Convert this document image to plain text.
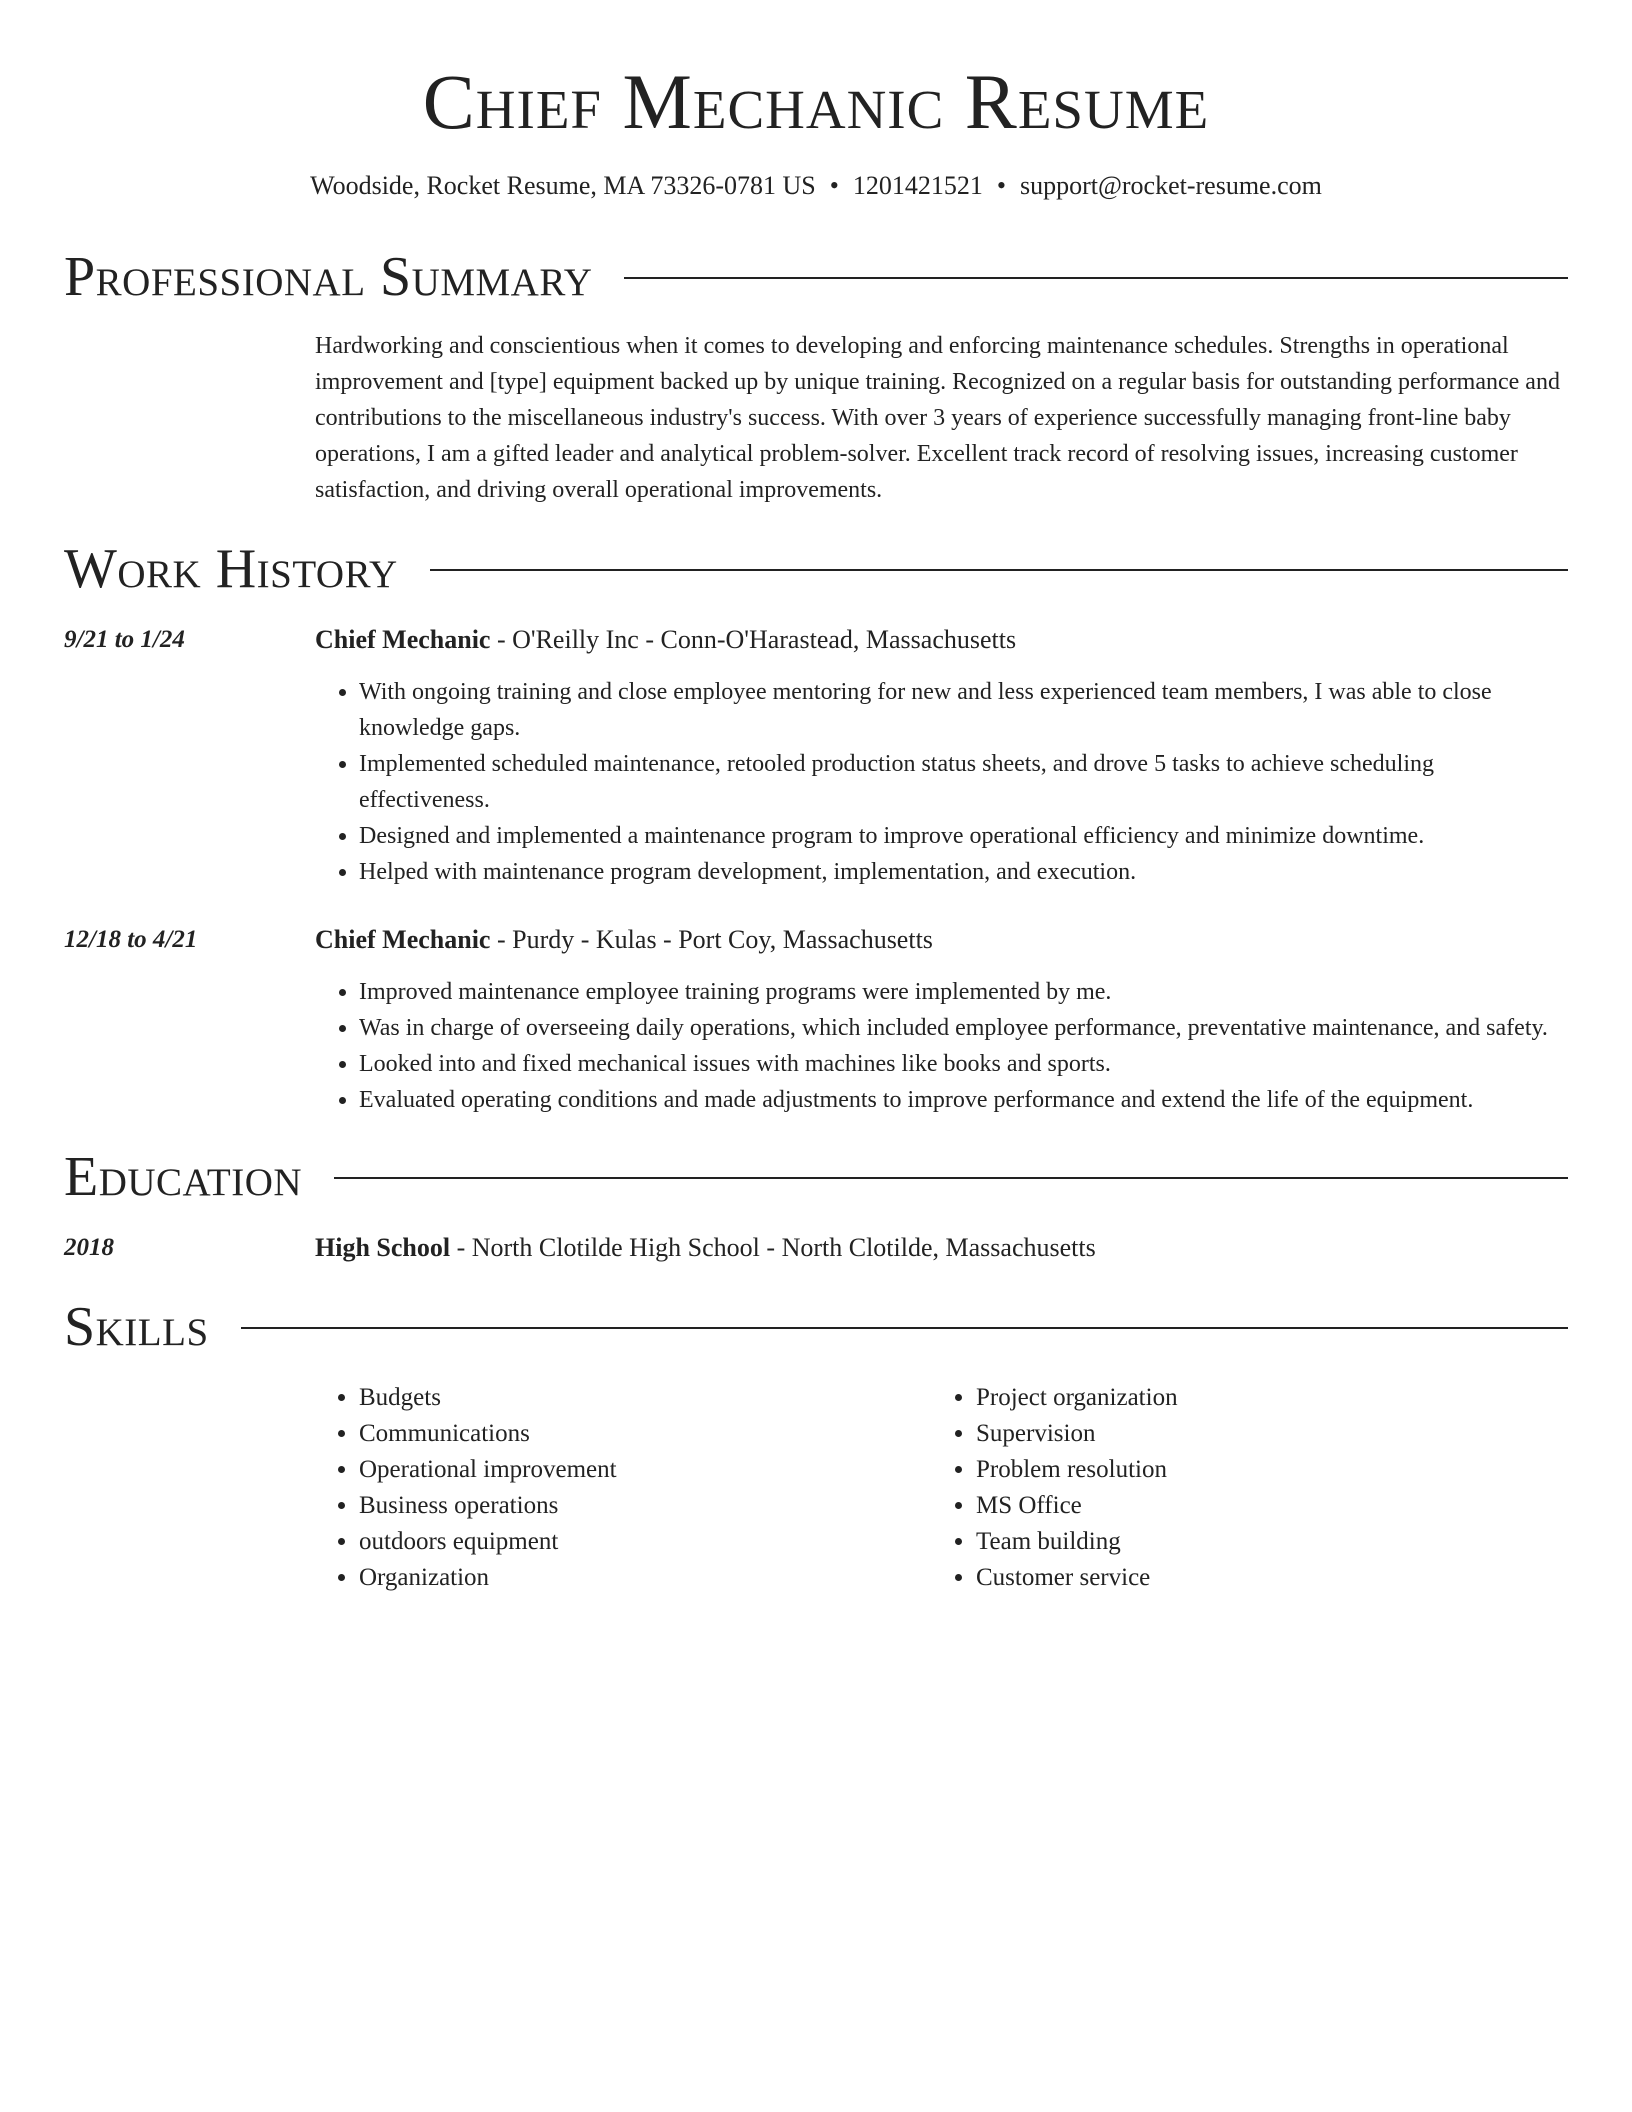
Chief Mechanic Resume
Woodside, Rocket Resume, MA 73326-0781 US • 1201421521 • support@rocket-resume.com
Professional Summary
Hardworking and conscientious when it comes to developing and enforcing maintenance schedules. Strengths in operational improvement and [type] equipment backed up by unique training. Recognized on a regular basis for outstanding performance and contributions to the miscellaneous industry's success. With over 3 years of experience successfully managing front-line baby operations, I am a gifted leader and analytical problem-solver. Excellent track record of resolving issues, increasing customer satisfaction, and driving overall operational improvements.
Work History
9/21 to 1/24	Chief Mechanic - O'Reilly Inc - Conn-O'Harastead, Massachusetts
• With ongoing training and close employee mentoring for new and less experienced team members, I was able to close knowledge gaps.
• Implemented scheduled maintenance, retooled production status sheets, and drove 5 tasks to achieve scheduling effectiveness.
• Designed and implemented a maintenance program to improve operational efficiency and minimize downtime.
• Helped with maintenance program development, implementation, and execution.
12/18 to 4/21	Chief Mechanic - Purdy - Kulas - Port Coy, Massachusetts
• Improved maintenance employee training programs were implemented by me.
• Was in charge of overseeing daily operations, which included employee performance, preventative maintenance, and safety.
• Looked into and fixed mechanical issues with machines like books and sports.
• Evaluated operating conditions and made adjustments to improve performance and extend the life of the equipment.
Education
2018	High School - North Clotilde High School - North Clotilde, Massachusetts
Skills
• Budgets
• Communications
• Operational improvement
• Business operations
• outdoors equipment
• Organization
• Project organization
• Supervision
• Problem resolution
• MS Office
• Team building
• Customer service
